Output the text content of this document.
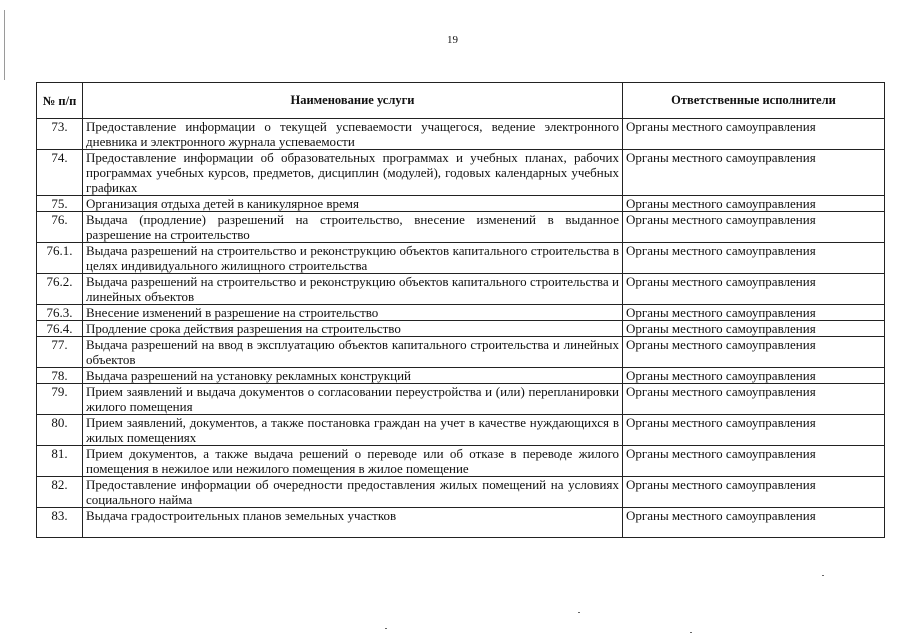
19
№ п/п	Наименование услуги	Ответственные исполнители
73.	Предоставление информации о текущей успеваемости учащегося, ведение электронного дневника и электронного журнала успеваемости	Органы местного самоуправления
74.	Предоставление информации об образовательных программах и учебных планах, рабочих программах учебных курсов, предметов, дисциплин (модулей), годовых календарных учебных графиках	Органы местного самоуправления
75.	Организация отдыха детей в каникулярное время	Органы местного самоуправления
76.	Выдача (продление) разрешений на строительство, внесение изменений в выданное разрешение на строительство	Органы местного самоуправления
76.1.	Выдача разрешений на строительство и реконструкцию объектов капитального строительства в целях индивидуального жилищного строительства	Органы местного самоуправления
76.2.	Выдача разрешений на строительство и реконструкцию объектов капитального строительства и линейных объектов	Органы местного самоуправления
76.3.	Внесение изменений в разрешение на строительство	Органы местного самоуправления
76.4.	Продление срока действия разрешения на строительство	Органы местного самоуправления
77.	Выдача разрешений на ввод в эксплуатацию объектов капитального строительства и линейных объектов	Органы местного самоуправления
78.	Выдача разрешений на установку рекламных конструкций	Органы местного самоуправления
79.	Прием заявлений и выдача документов о согласовании переустройства и (или) перепланировки жилого помещения	Органы местного самоуправления
80.	Прием заявлений, документов, а также постановка граждан на учет в качестве нуждающихся в жилых помещениях	Органы местного самоуправления
81.	Прием документов, а также выдача решений о переводе или об отказе в переводе жилого помещения в нежилое или нежилого помещения в жилое помещение	Органы местного самоуправления
82.	Предоставление информации об очередности предоставления жилых помещений на условиях социального найма	Органы местного самоуправления
83.	Выдача градостроительных планов земельных участков	Органы местного самоуправления
